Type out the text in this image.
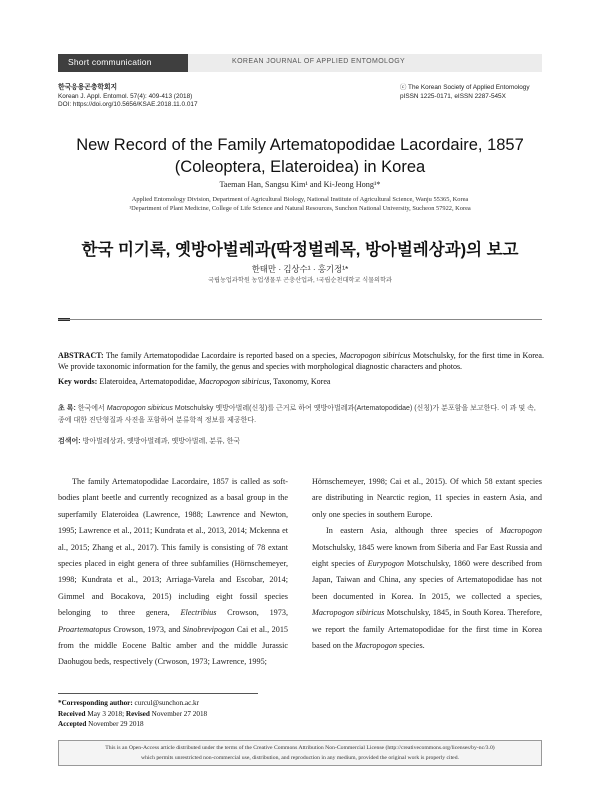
Short communication	KOREAN JOURNAL OF APPLIED ENTOMOLOGY
한국응용곤충학회지
Korean J. Appl. Entomol. 57(4): 409-413 (2018)
DOI: https://doi.org/10.5656/KSAE.2018.11.0.017
ⓒ The Korean Society of Applied Entomology
pISSN 1225-0171, eISSN 2287-545X
New Record of the Family Artematopodidae Lacordaire, 1857
(Coleoptera, Elateroidea) in Korea
Taeman Han, Sangsu Kim¹ and Ki-Jeong Hong¹*
Applied Entomology Division, Department of Agricultural Biology, National Institute of Agricultural Science, Wanju 55365, Korea
¹Department of Plant Medicine, College of Life Science and Natural Resources, Sunchon National University, Sucheon 57922, Korea
한국 미기록, 옛방아벌레과(딱정벌레목, 방아벌레상과)의 보고
한태만 · 김상수¹ · 홍기정¹*
국립농업과학원 농업생물부 곤충산업과, ¹국립순천대학교 식물의학과
ABSTRACT: The family Artematopodidae Lacordaire is reported based on a species, Macropogon sibiricus Motschulsky, for the first time in Korea. We provide taxonomic information for the family, the genus and species with morphological diagnostic characters and photos.
Key words: Elateroidea, Artematopodidae, Macropogon sibiricus, Taxonomy, Korea
초 록: 한국에서 Macropogon sibiricus Motschulsky 옛방아벌레(신칭)를 근거로 하여 옛방아벌레과(Artematopodidae) (신칭)가 분포함을 보고한다. 이 과 및 속, 종에 대한 진단형질과 사진을 포함하여 분류학적 정보를 제공한다.
검색어: 방아벌레상과, 옛방아벌레과, 옛방아벌레, 분류, 한국

The family Artematopodidae Lacordaire, 1857 is called as soft-bodies plant beetle and currently recognized as a basal group in the superfamily Elateroidea (Lawrence, 1988; Lawrence and Newton, 1995; Lawrence et al., 2011; Kundrata et al., 2013, 2014; Mckenna et al., 2015; Zhang et al., 2017). This family is consisting of 78 extant species placed in eight genera of three subfamilies (Hörnschemeyer, 1998; Kundrata et al., 2013; Arriaga-Varela and Escobar, 2014; Gimmel and Bocakova, 2015) including eight fossil species belonging to three genera, Electribius Crowson, 1973, Proartematopus Crowson, 1973, and Sinobrevipogon Cai et al., 2015 from the middle Eocene Baltic amber and the middle Jurassic Daohugou beds, respectively (Crwoson, 1973; Lawrence, 1995;

Hörnschemeyer, 1998; Cai et al., 2015). Of which 58 extant species are distributing in Nearctic region, 11 species in eastern Asia, and only one species in southern Europe.

In eastern Asia, although three species of Macropogon Motschulsky, 1845 were known from Siberia and Far East Russia and eight species of Eurypogon Motschulsky, 1860 were described from Japan, Taiwan and China, any species of Artematopodidae has not been documented in Korea. In 2015, we collected a species, Macropogon sibiricus Motschulsky, 1845, in South Korea. Therefore, we report the family Artematopodidae for the first time in Korea based on the Macropogon species.

*Corresponding author: curcul@sunchon.ac.kr
Received May 3 2018; Revised November 27 2018
Accepted November 29 2018
This is an Open-Access article distributed under the terms of the Creative Commons Attribution Non-Commercial License (http://creativecommons.org/licenses/by-nc/3.0)
which permits unrestricted non-commercial use, distribution, and reproduction in any medium, provided the original work is properly cited.
